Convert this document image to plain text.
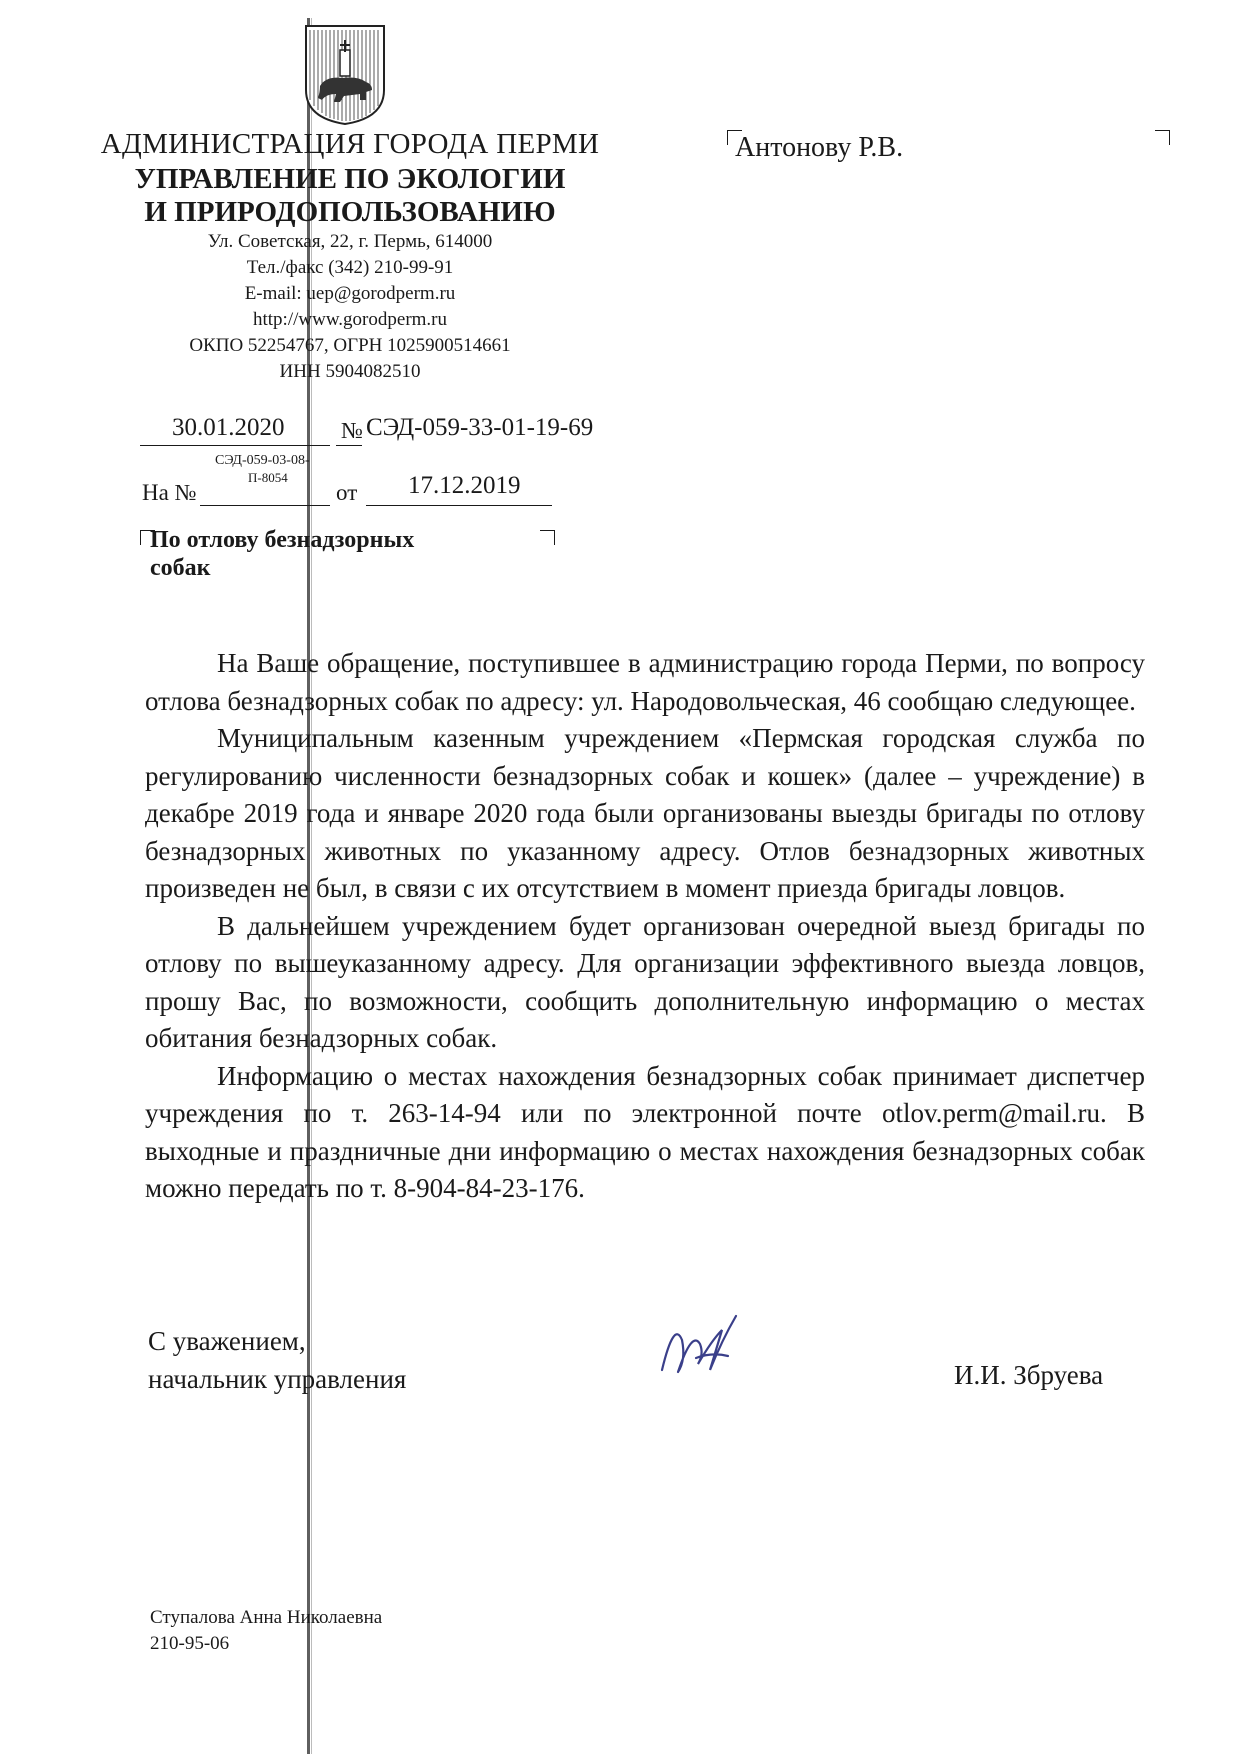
АДМИНИСТРАЦИЯ ГОРОДА ПЕРМИ
УПРАВЛЕНИЕ ПО ЭКОЛОГИИ
И ПРИРОДОПОЛЬЗОВАНИЮ
Ул. Советская, 22, г. Пермь, 614000
Тел./факс (342) 210-99-91
E-mail: uep@gorodperm.ru
http://www.gorodperm.ru
ОКПО 52254767, ОГРН 1025900514661
ИНН 5904082510
Антонову Р.В.
30.01.2020 № СЭД-059-33-01-19-69
СЭД-059-03-08-
П-8054
На №	от 17.12.2019
По отлову безнадзорных
собак

На Ваше обращение, поступившее в администрацию города Перми, по вопросу отлова безнадзорных собак по адресу: ул. Народовольческая, 46 сообщаю следующее.

Муниципальным казенным учреждением «Пермская городская служба по регулированию численности безнадзорных собак и кошек» (далее – учреждение) в декабре 2019 года и январе 2020 года были организованы выезды бригады по отлову безнадзорных животных по указанному адресу. Отлов безнадзорных животных произведен не был, в связи с их отсутствием в момент приезда бригады ловцов.

В дальнейшем учреждением будет организован очередной выезд бригады по отлову по вышеуказанному адресу. Для организации эффективного выезда ловцов, прошу Вас, по возможности, сообщить дополнительную информацию о местах обитания безнадзорных собак.

Информацию о местах нахождения безнадзорных собак принимает диспетчер учреждения по т. 263-14-94 или по электронной почте otlov.perm@mail.ru. В выходные и праздничные дни информацию о местах нахождения безнадзорных собак можно передать по т. 8-904-84-23-176.

С уважением,
начальник управления	И.И. Збруева
Ступалова Анна Николаевна
210-95-06
